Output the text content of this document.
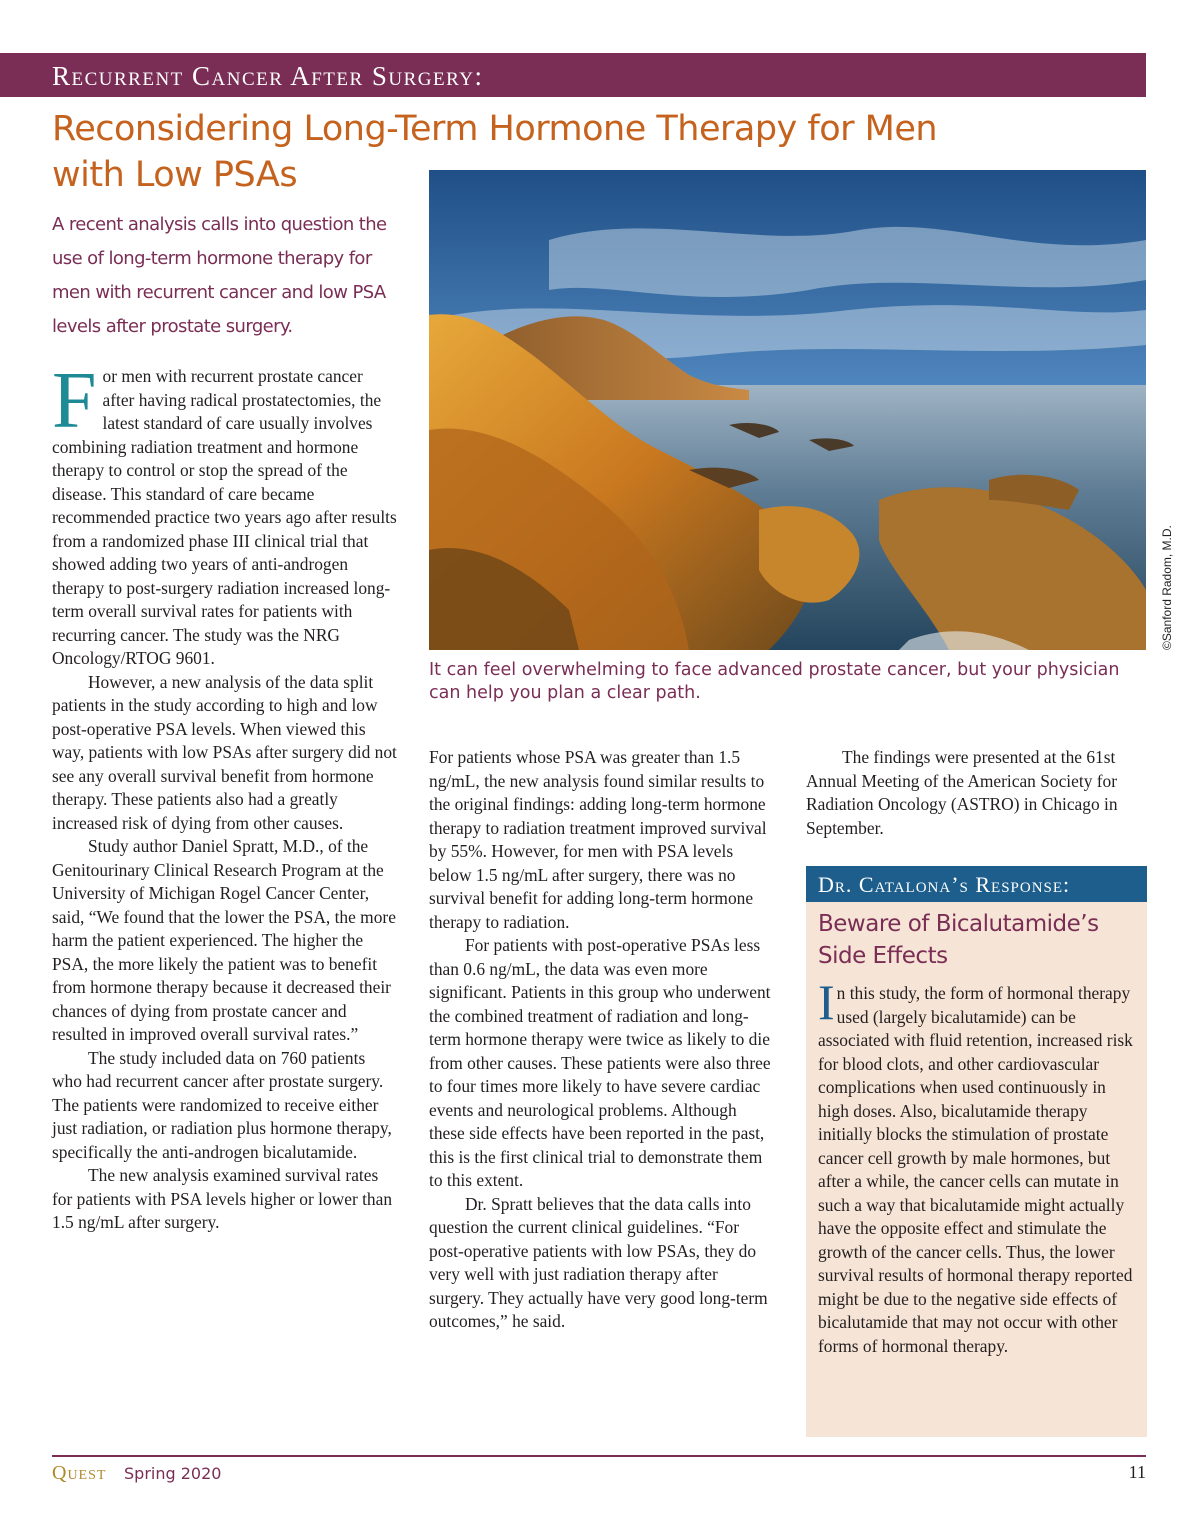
Recurrent Cancer After Surgery:
Reconsidering Long-Term Hormone Therapy for Men with Low PSAs
A recent analysis calls into question the use of long-term hormone therapy for men with recurrent cancer and low PSA levels after prostate surgery.

For men with recurrent prostate cancer after having radical prostatectomies, the latest standard of care usually involves combining radiation treatment and hormone therapy to control or stop the spread of the disease. This standard of care became recommended practice two years ago after results from a randomized phase III clinical trial that showed adding two years of anti-androgen therapy to post-surgery radiation increased long-term overall survival rates for patients with recurring cancer. The study was the NRG Oncology/RTOG 9601.

However, a new analysis of the data split patients in the study according to high and low post-operative PSA levels. When viewed this way, patients with low PSAs after surgery did not see any overall survival benefit from hormone therapy. These patients also had a greatly increased risk of dying from other causes.

Study author Daniel Spratt, M.D., of the Genitourinary Clinical Research Program at the University of Michigan Rogel Cancer Center, said, “We found that the lower the PSA, the more harm the patient experienced. The higher the PSA, the more likely the patient was to benefit from hormone therapy because it decreased their chances of dying from prostate cancer and resulted in improved overall survival rates.”

The study included data on 760 patients who had recurrent cancer after prostate surgery. The patients were randomized to receive either just radiation, or radiation plus hormone therapy, specifically the anti-androgen bicalutamide.

The new analysis examined survival rates for patients with PSA levels higher or lower than 1.5 ng/mL after surgery.

©Sanford Radom, M.D.
It can feel overwhelming to face advanced prostate cancer, but your physician can help you plan a clear path.

For patients whose PSA was greater than 1.5 ng/mL, the new analysis found similar results to the original findings: adding long-term hormone therapy to radiation treatment improved survival by 55%. However, for men with PSA levels below 1.5 ng/mL after surgery, there was no survival benefit for adding long-term hormone therapy to radiation.

For patients with post-operative PSAs less than 0.6 ng/mL, the data was even more significant. Patients in this group who underwent the combined treatment of radiation and long-term hormone therapy were twice as likely to die from other causes. These patients were also three to four times more likely to have severe cardiac events and neurological problems. Although these side effects have been reported in the past, this is the first clinical trial to demonstrate them to this extent.

Dr. Spratt believes that the data calls into question the current clinical guidelines. “For post-operative patients with low PSAs, they do very well with just radiation therapy after surgery. They actually have very good long-term outcomes,” he said.

The findings were presented at the 61st Annual Meeting of the American Society for Radiation Oncology (ASTRO) in Chicago in September.

Dr. Catalona’s Response:
Beware of Bicalutamide’s Side Effects
In this study, the form of hormonal therapy used (largely bicalutamide) can be associated with fluid retention, increased risk for blood clots, and other cardiovascular complications when used continuously in high doses. Also, bicalutamide therapy initially blocks the stimulation of prostate cancer cell growth by male hormones, but after a while, the cancer cells can mutate in such a way that bicalutamide might actually have the opposite effect and stimulate the growth of the cancer cells. Thus, the lower survival results of hormonal therapy reported might be due to the negative side effects of bicalutamide that may not occur with other forms of hormonal therapy.
Quest Spring 2020	11
